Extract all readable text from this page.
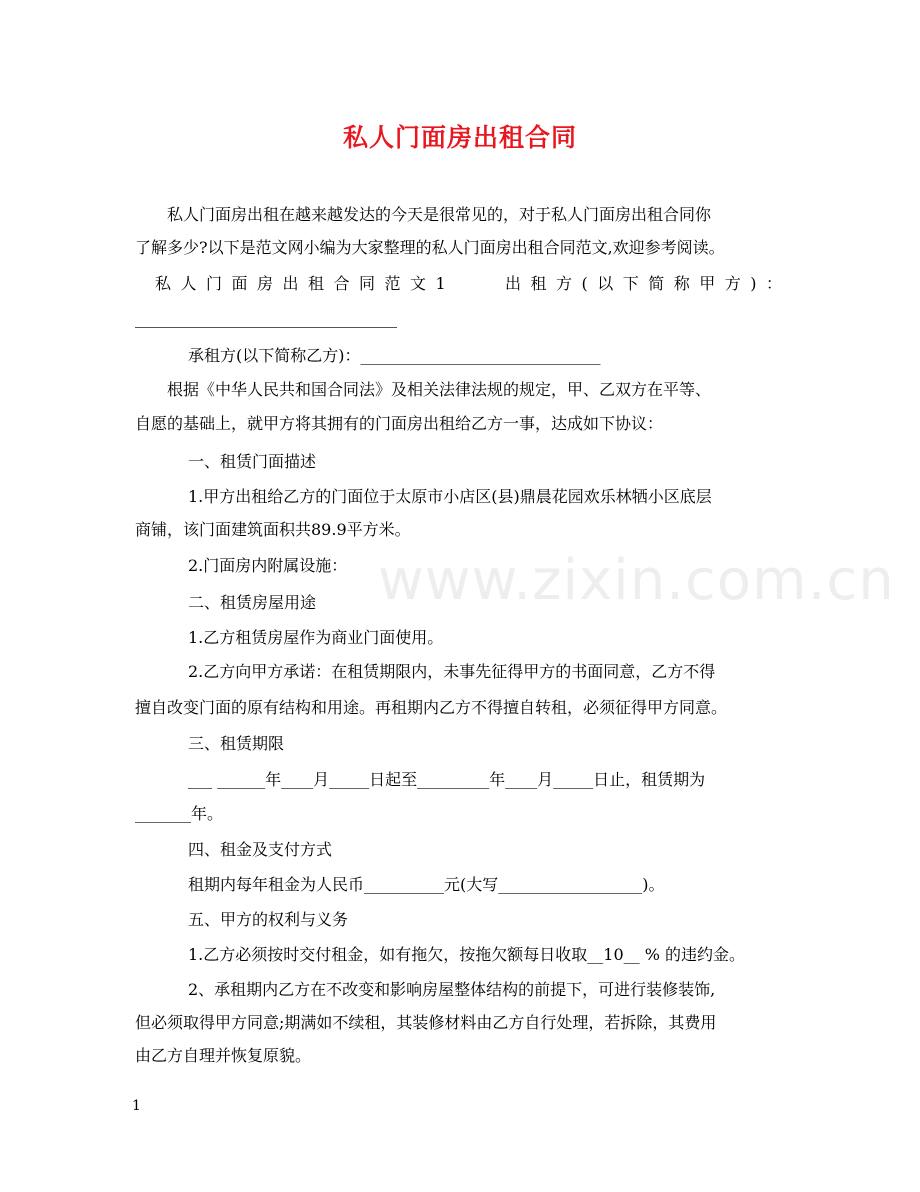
私人门面房出租合同
www.zixin.com.cn
私人门面房出租在越来越发达的今天是很常见的，对于私人门面房出租合同你
了解多少?以下是范文网小编为大家整理的私人门面房出租合同范文,欢迎参考阅读。
私人门面房出租合同范文1	出租方(以下简称甲方)：
承租方(以下简称乙方)：______________________________
根据《中华人民共和国合同法》及相关法律法规的规定，甲、乙双方在平等、
自愿的基础上，就甲方将其拥有的门面房出租给乙方一事，达成如下协议：
一、租赁门面描述
1.甲方出租给乙方的门面位于太原市小店区(县)鼎晨花园欢乐林牺小区底层
商铺，该门面建筑面积共89.9平方米。
2.门面房内附属设施：
二、租赁房屋用途
1.乙方租赁房屋作为商业门面使用。
2.乙方向甲方承诺：在租赁期限内，未事先征得甲方的书面同意，乙方不得
擅自改变门面的原有结构和用途。再租期内乙方不得擅自转租，必须征得甲方同意。
三、租赁期限
___ ______年____月_____日起至_________年____月_____日止，租赁期为
_______年。
四、租金及支付方式
租期内每年租金为人民币__________元(大写__________________)。
五、甲方的权利与义务
1.乙方必须按时交付租金，如有拖欠，按拖欠额每日收取__10__ % 的违约金。
2、承租期内乙方在不改变和影响房屋整体结构的前提下，可进行装修装饰,
但必须取得甲方同意;期满如不续租，其装修材料由乙方自行处理，若拆除，其费用
由乙方自理并恢复原貌。
1
